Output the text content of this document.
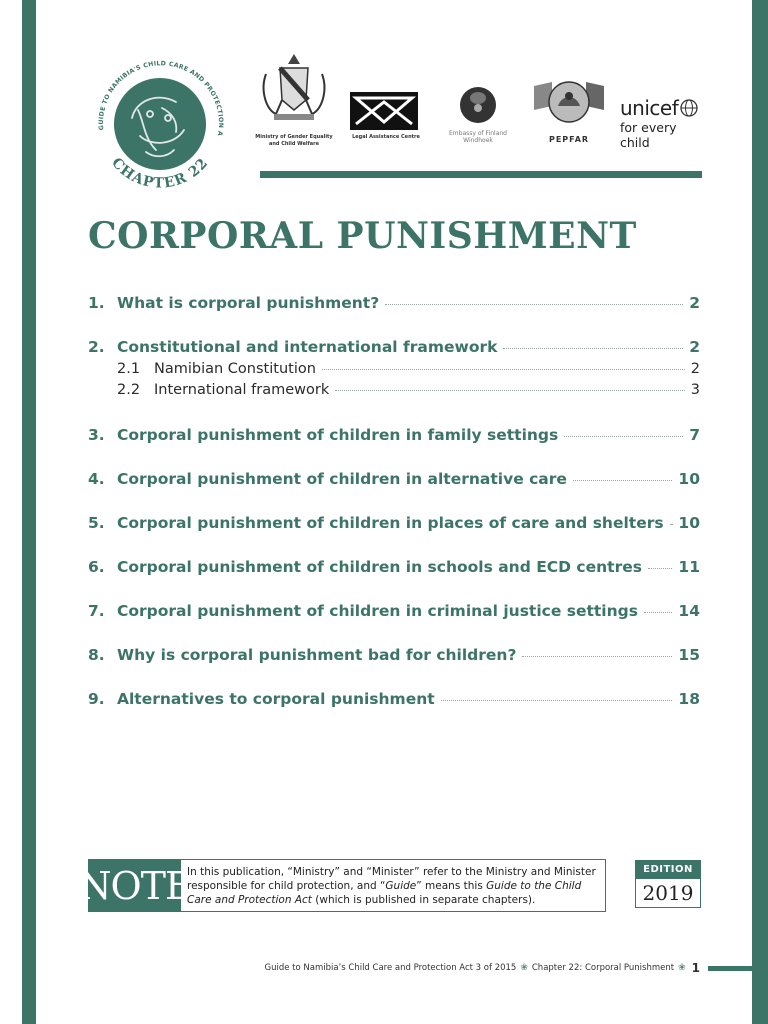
GUIDE TO NAMIBIA'S CHILD CARE AND PROTECTION A
CHAPTER 22
Ministry of Gender Equality and Child Welfare
Legal Assistance Centre	Embassy of Finland Windhoek	PEPFAR
unicef
for every child
CORPORAL PUNISHMENT
1. What is corporal punishment?	2
2. Constitutional and international framework	2
2.1 Namibian Constitution	2
2.2 International framework	3
3. Corporal punishment of children in family settings	7
4. Corporal punishment of children in alternative care	10
5. Corporal punishment of children in places of care and shelters 10
6. Corporal punishment of children in schools and ECD centres 11
7. Corporal punishment of children in criminal justice settings	14
8. Why is corporal punishment bad for children?	15
9. Alternatives to corporal punishment	18
NOTE
In this publication, “Ministry” and “Minister” refer to the Ministry and Minister responsible for child protection, and “Guide” means this Guide to the Child Care and Protection Act (which is published in separate chapters).
EDITION
2019
Guide to Namibia’s Child Care and Protection Act 3 of 2015 ❀ Chapter 22: Corporal Punishment ❀ 1
